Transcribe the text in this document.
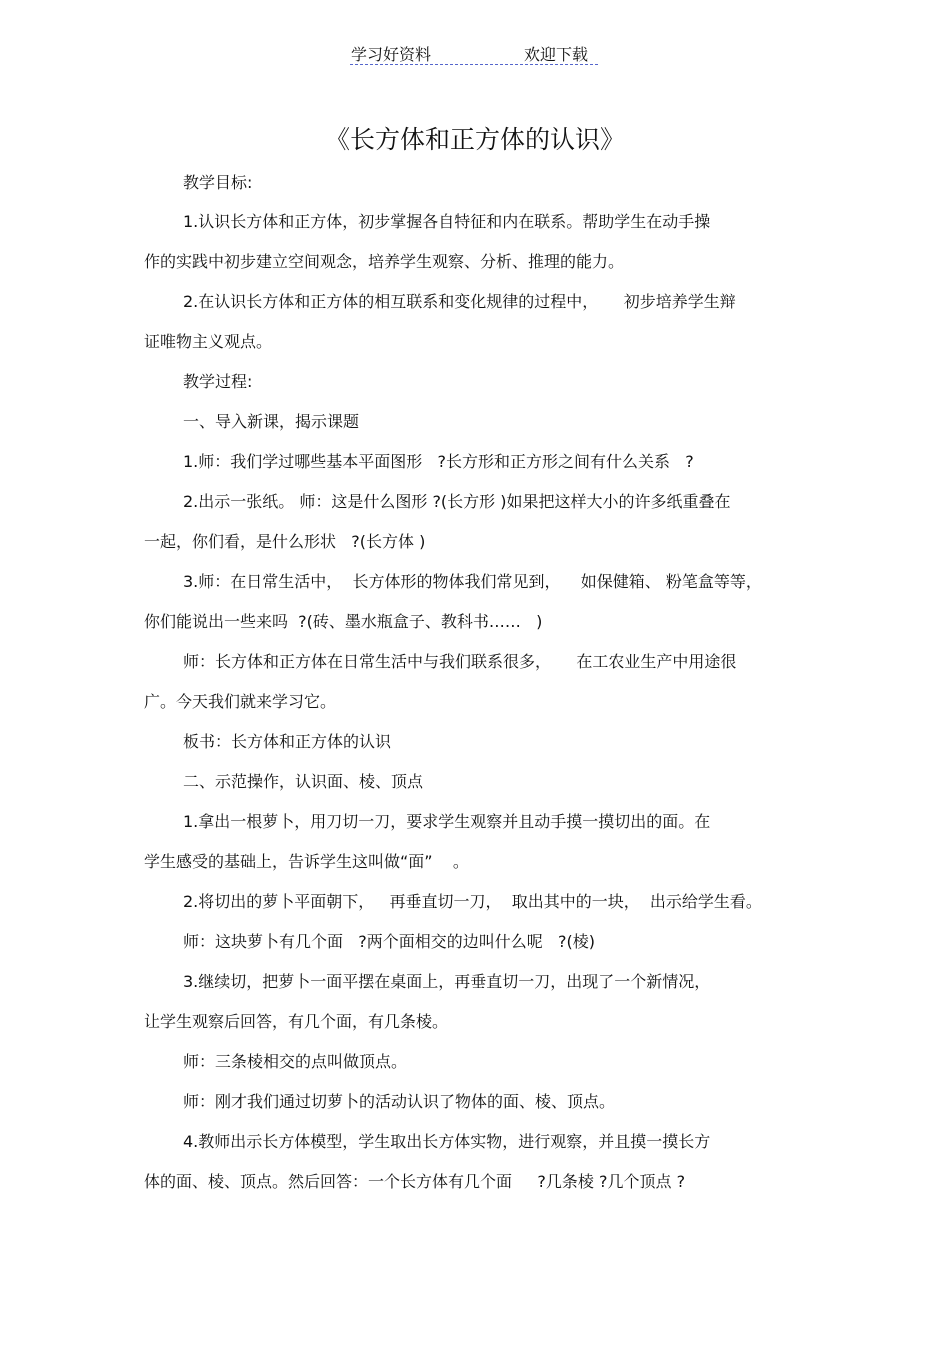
学习好资料	欢迎下载
《长方体和正方体的认识》
教学目标:
1.认识长方体和正方体，初步掌握各自特征和内在联系。帮助学生在动手操
作的实践中初步建立空间观念，培养学生观察、分析、推理的能力。
2.在认识长方体和正方体的相互联系和变化规律的过程中，     初步培养学生辩
证唯物主义观点。
教学过程:
一、导入新课，揭示课题
1.师：我们学过哪些基本平面图形   ?长方形和正方形之间有什么关系   ?
2.出示一张纸。 师：这是什么图形 ?(长方形 )如果把这样大小的许多纸重叠在
一起，你们看，是什么形状   ?(长方体 )
3.师：在日常生活中，  长方体形的物体我们常见到，    如保健箱、 粉笔盒等等，
你们能说出一些来吗  ?(砖、墨水瓶盒子、教科书……   )
师：长方体和正方体在日常生活中与我们联系很多，     在工农业生产中用途很
广。今天我们就来学习它。
板书：长方体和正方体的认识
二、示范操作，认识面、棱、顶点
1.拿出一根萝卜，用刀切一刀，要求学生观察并且动手摸一摸切出的面。在
学生感受的基础上，告诉学生这叫做“面”    。
2.将切出的萝卜平面朝下，   再垂直切一刀，  取出其中的一块，  出示给学生看。
师：这块萝卜有几个面   ?两个面相交的边叫什么呢   ?(棱)
3.继续切，把萝卜一面平摆在桌面上，再垂直切一刀，出现了一个新情况，
让学生观察后回答，有几个面，有几条棱。
师：三条棱相交的点叫做顶点。
师：刚才我们通过切萝卜的活动认识了物体的面、棱、顶点。
4.教师出示长方体模型，学生取出长方体实物，进行观察，并且摸一摸长方
体的面、棱、顶点。然后回答：一个长方体有几个面     ?几条棱 ?几个顶点 ?
